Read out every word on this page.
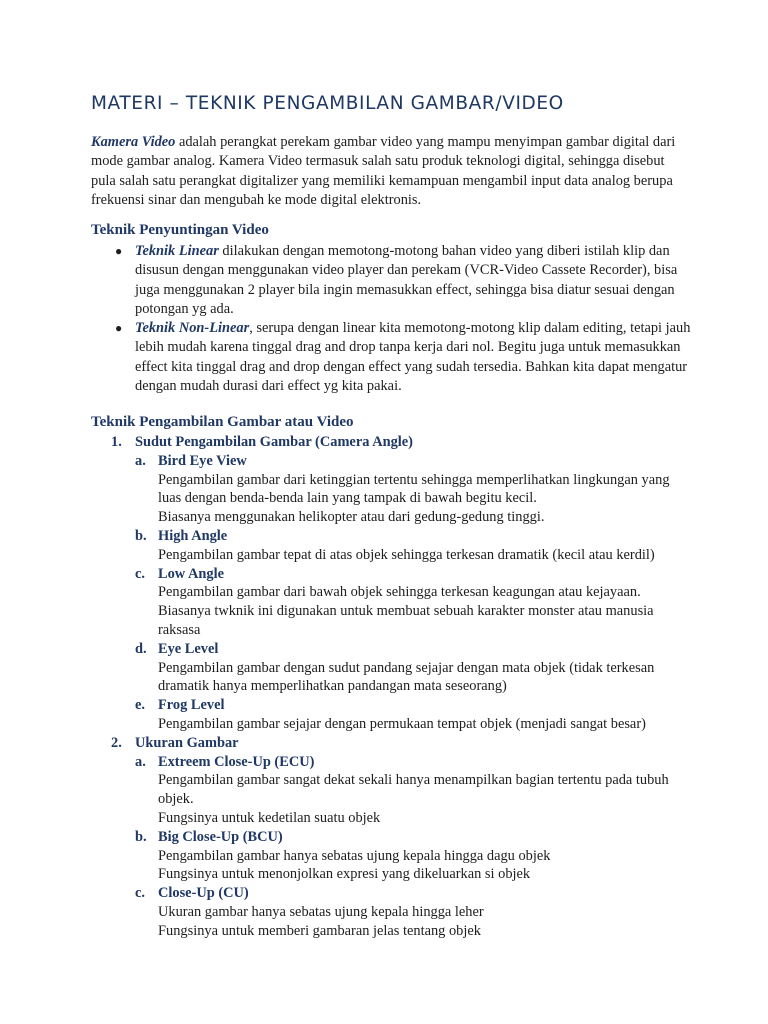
MATERI – TEKNIK PENGAMBILAN GAMBAR/VIDEO
Kamera Video adalah perangkat perekam gambar video yang mampu menyimpan gambar digital dari mode gambar analog. Kamera Video termasuk salah satu produk teknologi digital, sehingga disebut pula salah satu perangkat digitalizer yang memiliki kemampuan mengambil input data analog berupa frekuensi sinar dan mengubah ke mode digital elektronis.
Teknik Penyuntingan Video
● Teknik Linear dilakukan dengan memotong-motong bahan video yang diberi istilah klip dan disusun dengan menggunakan video player dan perekam (VCR-Video Cassete Recorder), bisa juga menggunakan 2 player bila ingin memasukkan effect, sehingga bisa diatur sesuai dengan potongan yg ada.
● Teknik Non-Linear, serupa dengan linear kita memotong-motong klip dalam editing, tetapi jauh lebih mudah karena tinggal drag and drop tanpa kerja dari nol. Begitu juga untuk memasukkan effect kita tinggal drag and drop dengan effect yang sudah tersedia. Bahkan kita dapat mengatur dengan mudah durasi dari effect yg kita pakai.
Teknik Pengambilan Gambar atau Video
1. Sudut Pengambilan Gambar (Camera Angle)
a. Bird Eye View
Pengambilan gambar dari ketinggian tertentu sehingga memperlihatkan lingkungan yang luas dengan benda-benda lain yang tampak di bawah begitu kecil.
Biasanya menggunakan helikopter atau dari gedung-gedung tinggi.
b. High Angle
Pengambilan gambar tepat di atas objek sehingga terkesan dramatik (kecil atau kerdil)
c. Low Angle
Pengambilan gambar dari bawah objek sehingga terkesan keagungan atau kejayaan.
Biasanya twknik ini digunakan untuk membuat sebuah karakter monster atau manusia raksasa
d. Eye Level
Pengambilan gambar dengan sudut pandang sejajar dengan mata objek (tidak terkesan dramatik hanya memperlihatkan pandangan mata seseorang)
e. Frog Level
Pengambilan gambar sejajar dengan permukaan tempat objek (menjadi sangat besar)
2. Ukuran Gambar
a. Extreem Close-Up (ECU)
Pengambilan gambar sangat dekat sekali hanya menampilkan bagian tertentu pada tubuh objek.
Fungsinya untuk kedetilan suatu objek
b. Big Close-Up (BCU)
Pengambilan gambar hanya sebatas ujung kepala hingga dagu objek
Fungsinya untuk menonjolkan expresi yang dikeluarkan si objek
c. Close-Up (CU)
Ukuran gambar hanya sebatas ujung kepala hingga leher
Fungsinya untuk memberi gambaran jelas tentang objek
